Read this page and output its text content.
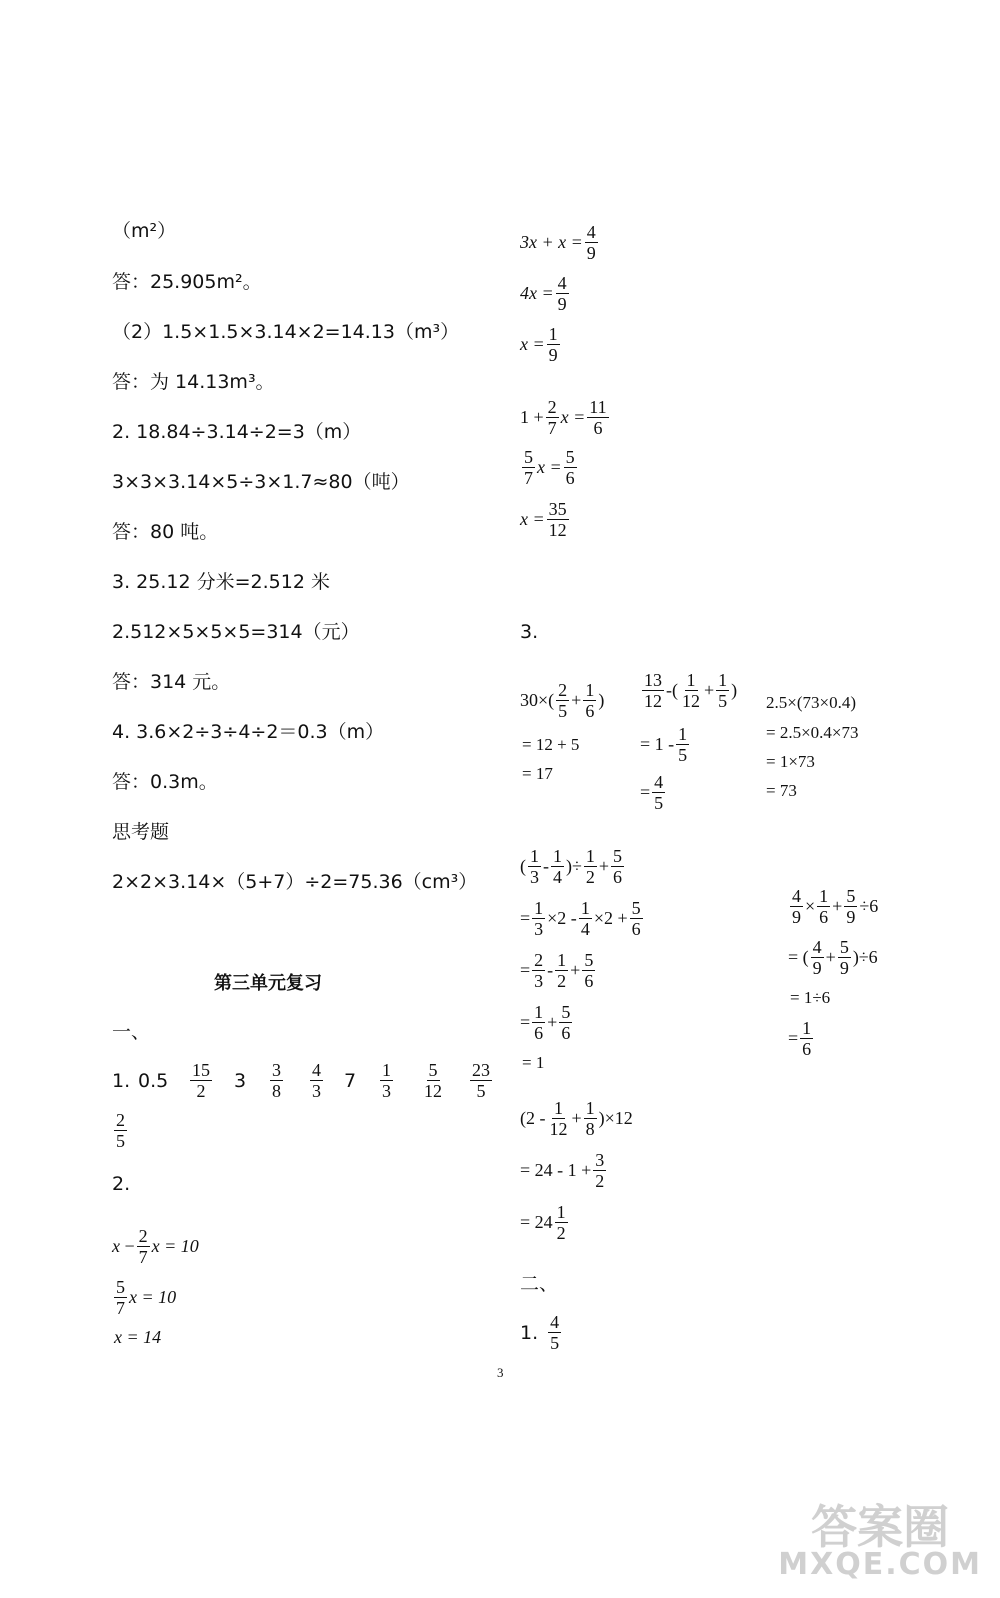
（m²）
答：25.905m²。
（2）1.5×1.5×3.14×2=14.13（m³）
答：为 14.13m³。
2. 18.84÷3.14÷2=3（m）
3×3×3.14×5÷3×1.7≈80（吨）
答：80 吨。
3. 25.12 分米=2.512 米
2.512×5×5×5=314（元）
答：314 元。
4. 3.6×2÷3÷4÷2＝0.3（m）
答：0.3m。
思考题
2×2×3.14×（5+7）÷2=75.36（cm³）
第三单元复习
一、
1. 0.5	$\frac{15}{2} 3$	$\frac{3}{8} \frac{4}{3} 7$	$\frac{1}{3} \frac{5}{12} \frac{23}{5}$
$\frac{2}{5}$
2.
x
− $\frac{2}{7}$ x = 10
$\frac{5}{7}$ x = 10
x = 14
$3x + x = \frac{4}{9}$
$4x = \frac{4}{9}$
$x = \frac{1}{9}$
$1 + \frac{2}{7}$ $x = \frac{11}{6}$
$\frac{5}{7}$ $x = \frac{5}{6}$
$x = \frac{35}{12}$
3.
$30\times( \frac{2}{5} + \frac{1}{6}$ )
= 12 + 5
= 17
$\frac{13}{12}$ -( $\frac{1}{12} + \frac{1}{5}$ )
= $1 - \frac{1}{5}$
= $\frac{4}{5}$
2.5×(73×0.4)
= 2.5×0.4×73
= 1×73
= 73
( $\frac{1}{3} - \frac{1}{4}$ )÷ $\frac{1}{2} + \frac{5}{6}$
= $\frac{1}{3} \times 2 - \frac{1}{4} \times 2 + \frac{5}{6}$
= $\frac{2}{3} - \frac{1}{2} + \frac{5}{6}$
= $\frac{1}{6} + \frac{5}{6}$
= 1
$\frac{4}{9} \times \frac{1}{6} + \frac{5}{9} \div 6$
= ( $\frac{4}{9} + \frac{5}{9} )\div 6$
= 1÷6
= $\frac{1}{6}$
$(2 - \frac{1}{12} + \frac{1}{8} )\times 12$
= $24 - 1 + \frac{3}{2}$
= $24 \frac{1}{2}$
二、
1. $\frac{4}{5}$
3
答案圈
MXQE.COM
